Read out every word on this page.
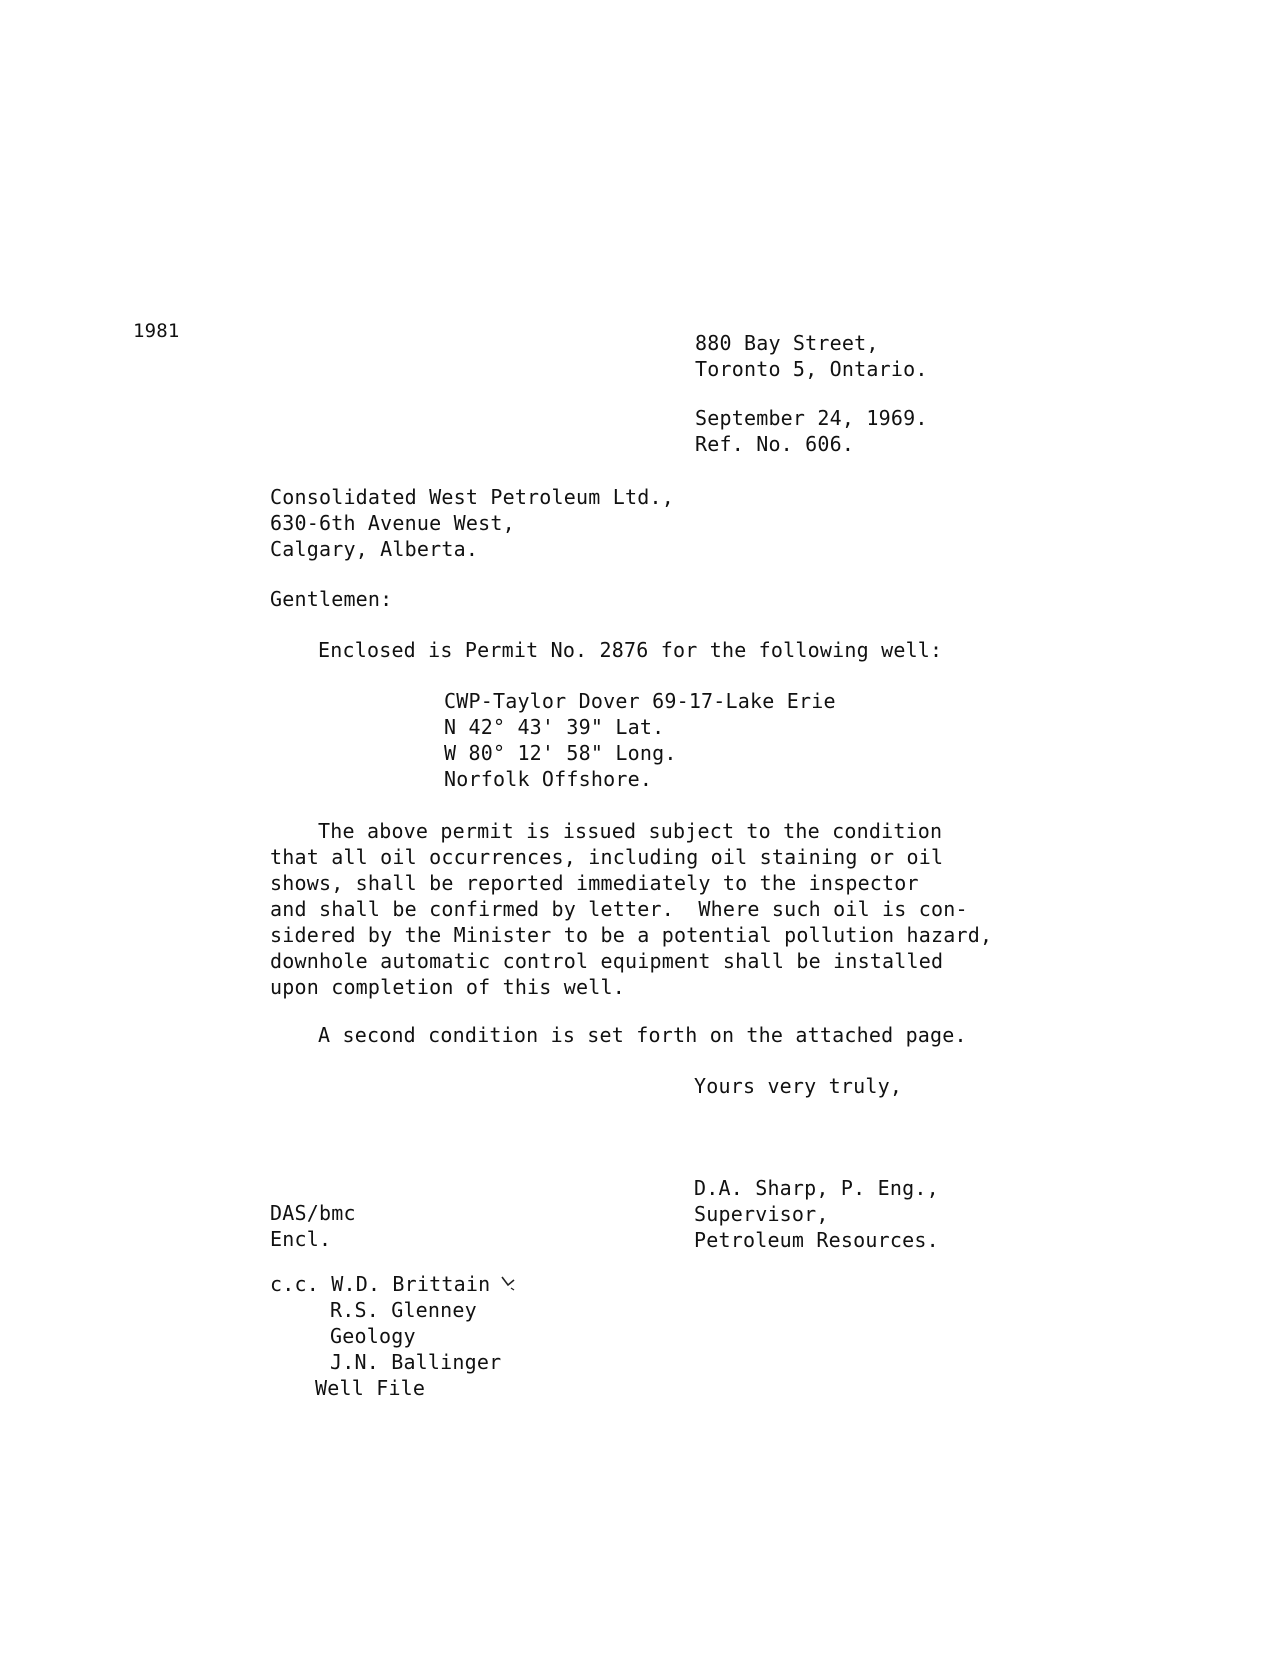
1981	880 Bay Street,
Toronto 5, Ontario.
September 24, 1969.
Ref. No. 606.
Consolidated West Petroleum Ltd.,
630-6th Avenue West,
Calgary, Alberta.
Gentlemen:
Enclosed is Permit No. 2876 for the following well:
CWP-Taylor Dover 69-17-Lake Erie
N 42° 43' 39" Lat.
W 80° 12' 58" Long.
Norfolk Offshore.
The above permit is issued subject to the condition
that all oil occurrences, including oil staining or oil
shows, shall be reported immediately to the inspector
and shall be confirmed by letter.  Where such oil is con-
sidered by the Minister to be a potential pollution hazard,
downhole automatic control equipment shall be installed
upon completion of this well.
A second condition is set forth on the attached page.
Yours very truly,
D.A. Sharp, P. Eng.,
Supervisor,
Petroleum Resources.
DAS/bmc
Encl.
c.c. W.D. Brittain
R.S. Glenney
Geology
J.N. Ballinger
Well File
